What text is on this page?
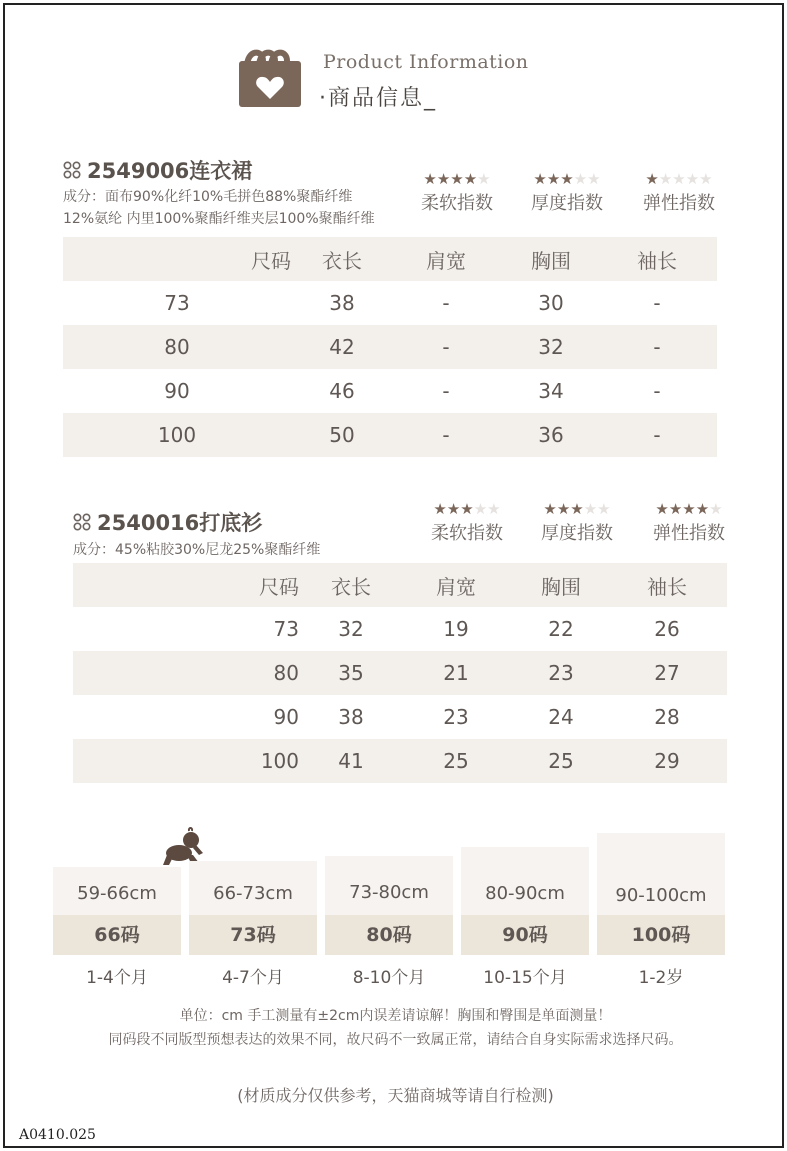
Product Information
·商品信息_
2549006连衣裙
成分：面布90%化纤10%毛拼色88%聚酯纤维
12%氨纶 内里100%聚酯纤维夹层100%聚酯纤维
★★★★★
柔软指数
★★★★★
厚度指数
★★★★★
弹性指数
尺码	衣长	肩宽	胸围	袖长	
73	38	-	30	-	
80	42	-	32	-	
90	46	-	34	-	
100	50	-	36	-	
2540016打底衫
成分：45%粘胶30%尼龙25%聚酯纤维
★★★★★
柔软指数
★★★★★
厚度指数
★★★★★
弹性指数
尺码	衣长	肩宽	胸围	袖长	
73	32	19	22	26	
80	35	21	23	27	
90	38	23	24	28	
100	41	25	25	29	
59-66cm
66码
66-73cm
73码
73-80cm
80码
80-90cm
90码
90-100cm
100码
1-4个月	4-7个月	8-10个月	10-15个月	1-2岁
单位：cm 手工测量有±2cm内误差请谅解！胸围和臀围是单面测量！
同码段不同版型预想表达的效果不同，故尺码不一致属正常，请结合自身实际需求选择尺码。
(材质成分仅供参考，天猫商城等请自行检测)
A0410.025
